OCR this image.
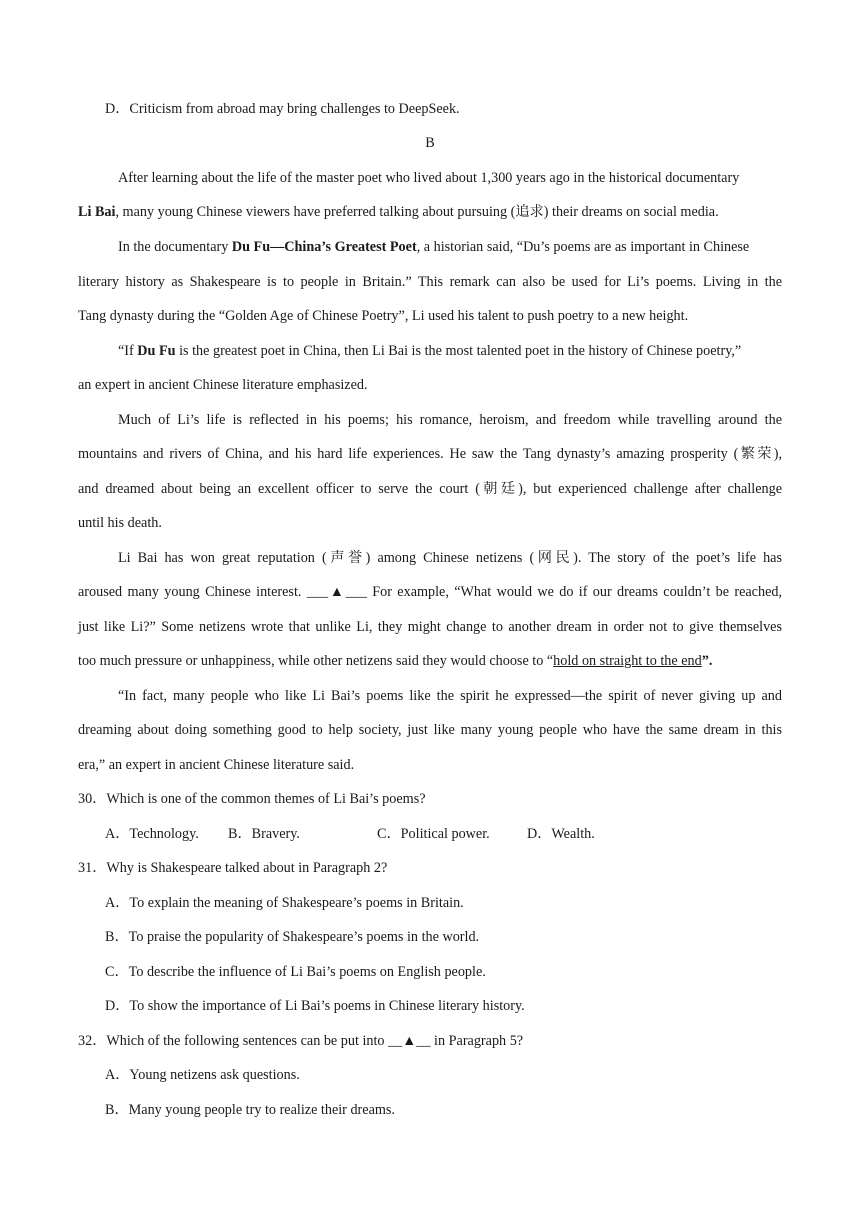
D．Criticism from abroad may bring challenges to DeepSeek.
B
After learning about the life of the master poet who lived about 1,300 years ago in the historical documentary
Li Bai, many young Chinese viewers have preferred talking about pursuing (追求) their dreams on social media.
In the documentary Du Fu—China’s Greatest Poet, a historian said, “Du’s poems are as important in Chinese
literary history as Shakespeare is to people in Britain.” This remark can also be used for Li’s poems. Living in the
Tang dynasty during the “Golden Age of Chinese Poetry”, Li used his talent to push poetry to a new height.
“If Du Fu is the greatest poet in China, then Li Bai is the most talented poet in the history of Chinese poetry,”
an expert in ancient Chinese literature emphasized.
Much of Li’s life is reflected in his poems; his romance, heroism, and freedom while travelling around the
mountains and rivers of China, and his hard life experiences. He saw the Tang dynasty’s amazing prosperity (繁荣),
and dreamed about being an excellent officer to serve the court (朝廷), but experienced challenge after challenge
until his death.
Li Bai has won great reputation (声誉) among Chinese netizens (网民). The story of the poet’s life has
aroused many young Chinese interest. ___▲___ For example, “What would we do if our dreams couldn’t be reached,
just like Li?” Some netizens wrote that unlike Li, they might change to another dream in order not to give themselves
too much pressure or unhappiness, while other netizens said they would choose to “hold on straight to the end”.
“In fact, many people who like Li Bai’s poems like the spirit he expressed—the spirit of never giving up and
dreaming about doing something good to help society, just like many young people who have the same dream in this
era,” an expert in ancient Chinese literature said.
30．Which is one of the common themes of Li Bai’s poems?
A．Technology. B．Bravery.	C．Political power.	D．Wealth.
31．Why is Shakespeare talked about in Paragraph 2?
A．To explain the meaning of Shakespeare’s poems in Britain.
B．To praise the popularity of Shakespeare’s poems in the world.
C．To describe the influence of Li Bai’s poems on English people.
D．To show the importance of Li Bai’s poems in Chinese literary history.
32．Which of the following sentences can be put into __▲__ in Paragraph 5?
A．Young netizens ask questions.
B．Many young people try to realize their dreams.
